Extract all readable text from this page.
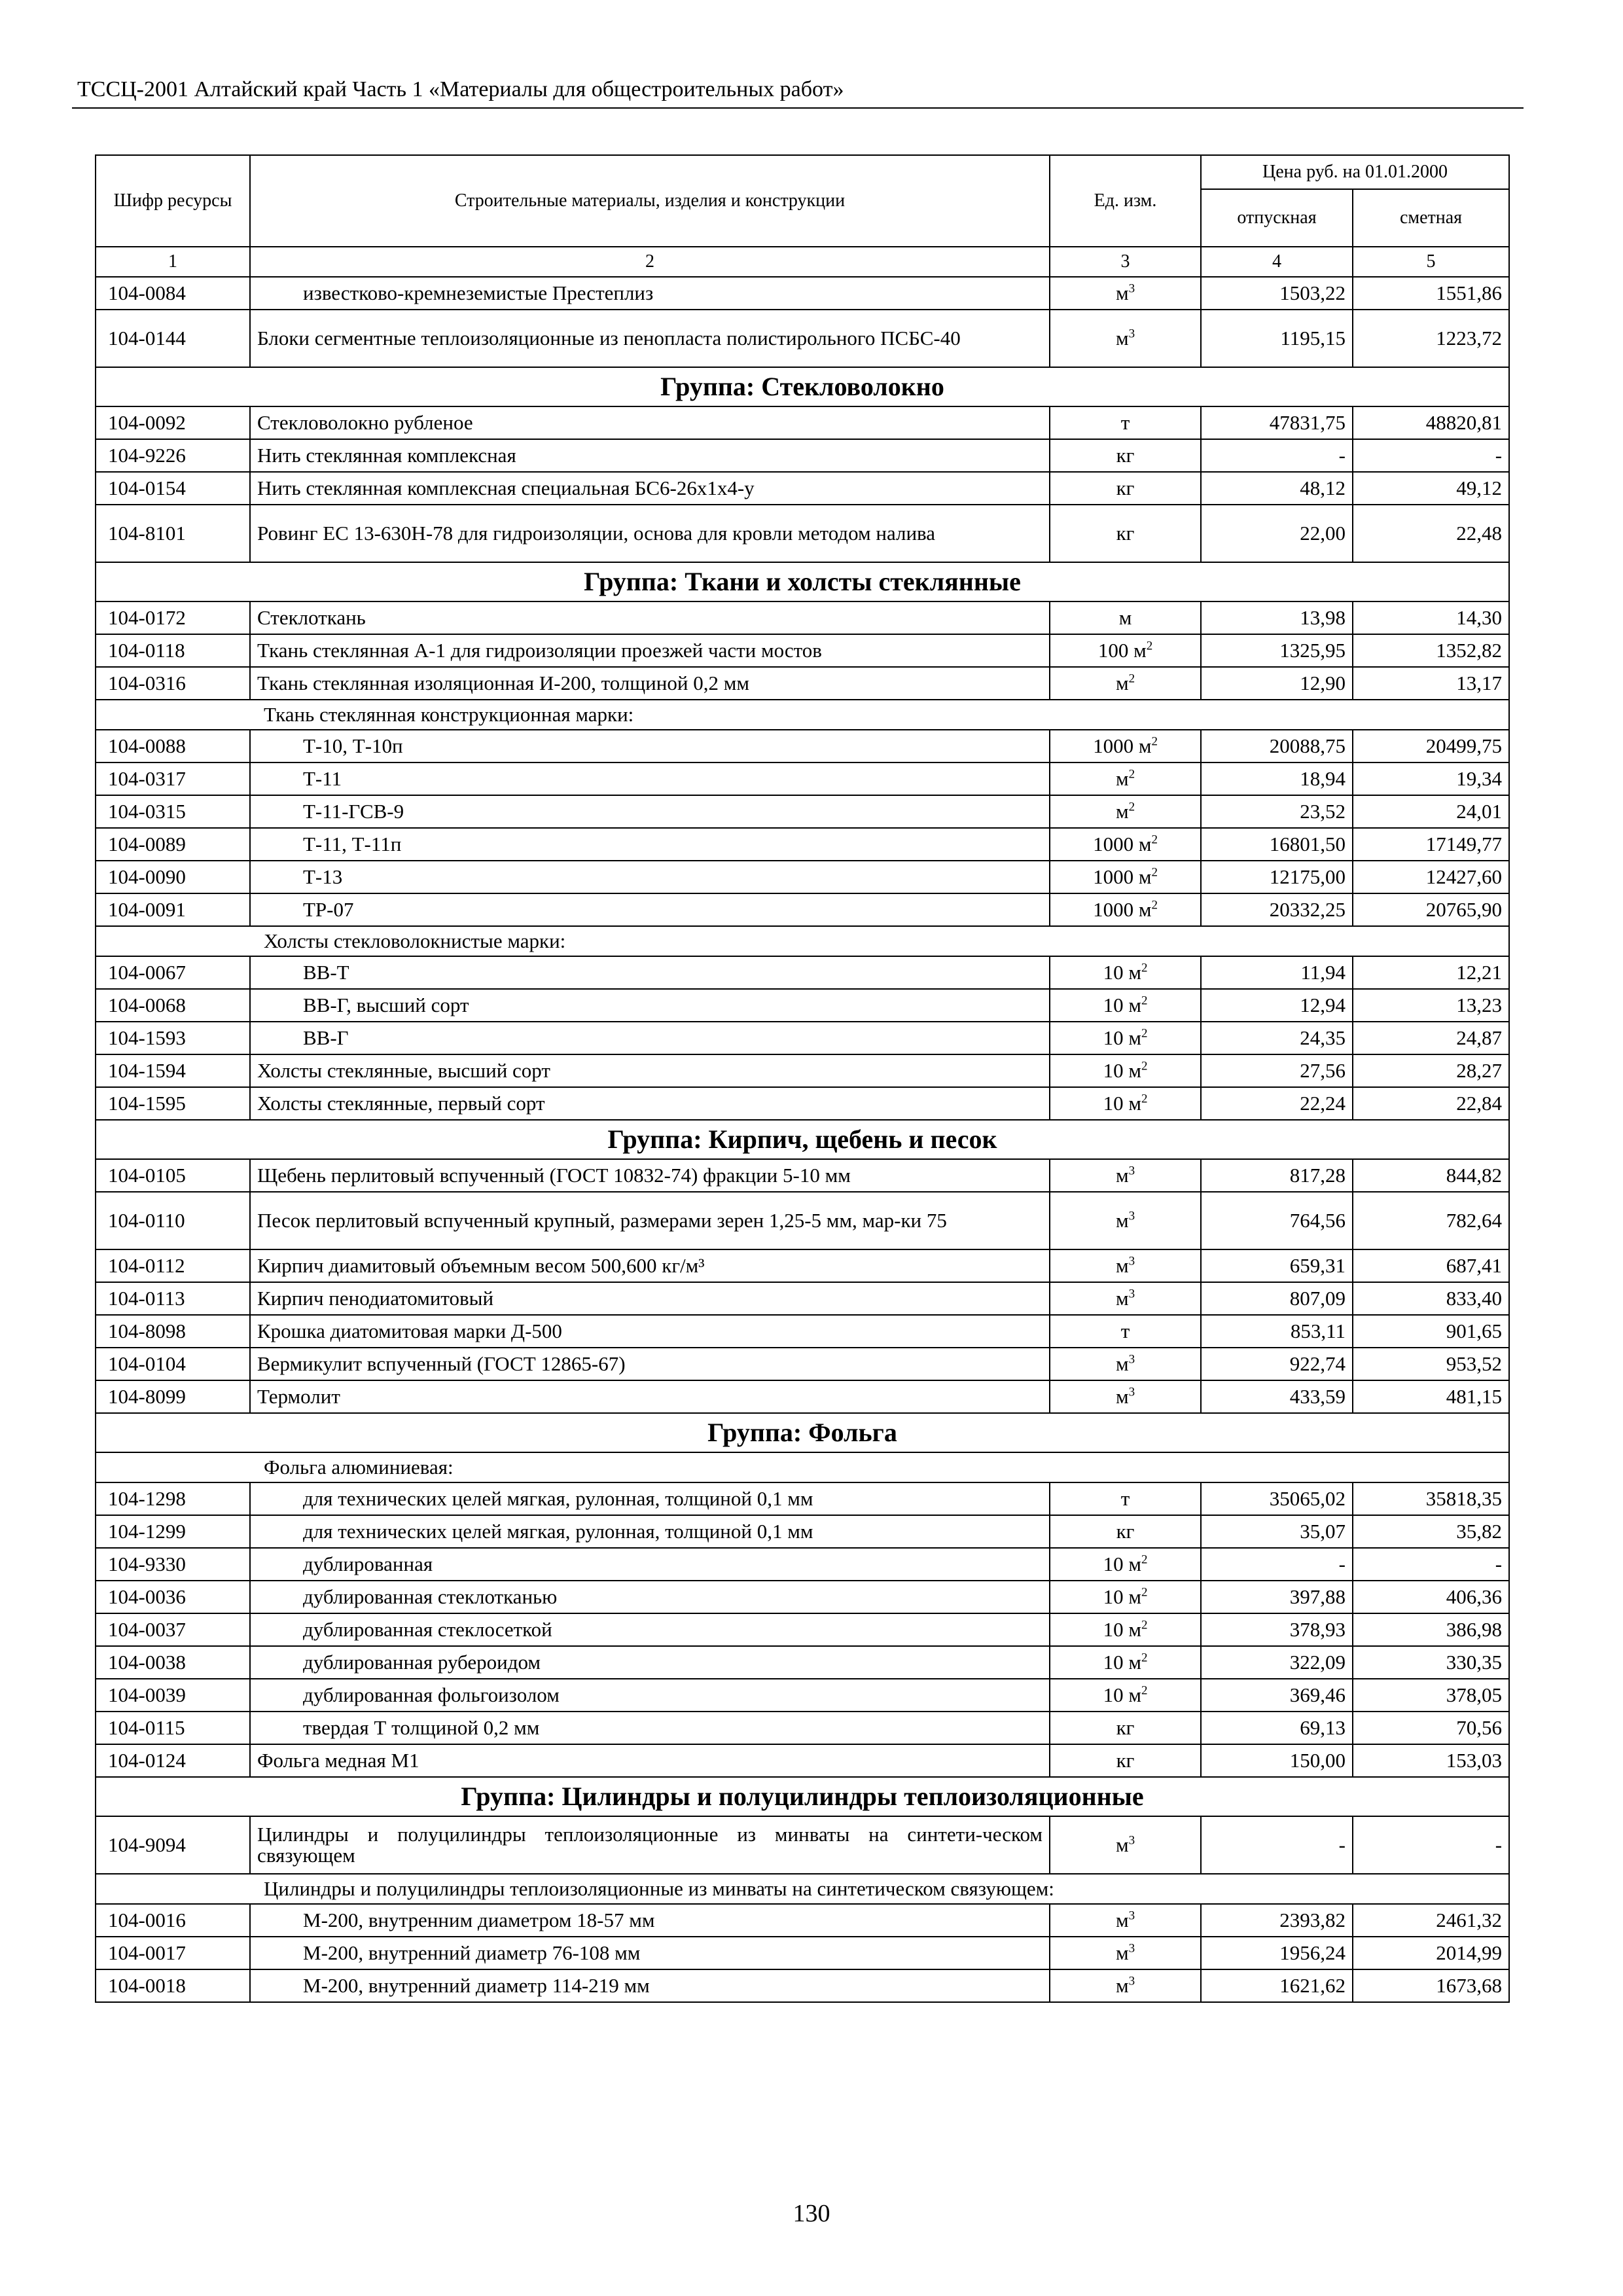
ТССЦ-2001 Алтайский край Часть 1 «Материалы для общестроительных работ»
Шифр ресурсы	Строительные материалы, изделия и конструкции	Ед. изм.	Цена руб. на 01.01.2000	
			отпускная	сметная
1	2	3	4	5
104-0084	известково-кремнеземистые Престеплиз	$м^3$	1503,22	1551,86
104-0144	Блоки сегментные теплоизоляционные из пенопласта полистирольного ПСБС-40	$м^3$	1195,15	1223,72
Группа: Стекловолокно				
104-0092	Стекловолокно рубленое	т	47831,75	48820,81
104-9226	Нить стеклянная комплексная	кг	-	-
104-0154	Нить стеклянная комплексная специальная БС6-26х1х4-у	кг	48,12	49,12
104-8101	Ровинг ЕС 13-630Н-78 для гидроизоляции, основа для кровли методом налива	кг	22,00	22,48
Группа: Ткани и холсты стеклянные				
104-0172	Стеклоткань	м	13,98	14,30
104-0118	Ткань стеклянная А-1 для гидроизоляции проезжей части мостов	100 $м^2$	1325,95	1352,82
104-0316	Ткань стеклянная изоляционная И-200, толщиной 0,2 мм	$м^2$	12,90	13,17
Ткань стеклянная конструкционная марки:				
104-0088	Т-10, Т-10п	1000 $м^2$	20088,75	20499,75
104-0317	Т-11	$м^2$	18,94	19,34
104-0315	Т-11-ГСВ-9	$м^2$	23,52	24,01
104-0089	Т-11, Т-11п	1000 $м^2$	16801,50	17149,77
104-0090	Т-13	1000 $м^2$	12175,00	12427,60
104-0091	ТР-07	1000 $м^2$	20332,25	20765,90
Холсты стекловолокнистые марки:				
104-0067	ВВ-Т	10 $м^2$	11,94	12,21
104-0068	ВВ-Г, высший сорт	10 $м^2$	12,94	13,23
104-1593	ВВ-Г	10 $м^2$	24,35	24,87
104-1594	Холсты стеклянные, высший сорт	10 $м^2$	27,56	28,27
104-1595	Холсты стеклянные, первый сорт	10 $м^2$	22,24	22,84
Группа: Кирпич, щебень и песок				
104-0105	Щебень перлитовый вспученный (ГОСТ 10832-74) фракции 5-10 мм	$м^3$	817,28	844,82
104-0110	Песок перлитовый вспученный крупный, размерами зерен 1,25-5 мм, мар-ки 75	$м^3$	764,56	782,64
104-0112	Кирпич диамитовый объемным весом 500,600 кг/м³	$м^3$	659,31	687,41
104-0113	Кирпич пенодиатомитовый	$м^3$	807,09	833,40
104-8098	Крошка диатомитовая марки Д-500	т	853,11	901,65
104-0104	Вермикулит вспученный (ГОСТ 12865-67)	$м^3$	922,74	953,52
104-8099	Термолит	$м^3$	433,59	481,15
Группа: Фольга				
Фольга алюминиевая:				
104-1298	для технических целей мягкая, рулонная, толщиной 0,1 мм	т	35065,02	35818,35
104-1299	для технических целей мягкая, рулонная, толщиной 0,1 мм	кг	35,07	35,82
104-9330	дублированная	10 $м^2$	-	-
104-0036	дублированная стеклотканью	10 $м^2$	397,88	406,36
104-0037	дублированная стеклосеткой	10 $м^2$	378,93	386,98
104-0038	дублированная рубероидом	10 $м^2$	322,09	330,35
104-0039	дублированная фольгоизолом	10 $м^2$	369,46	378,05
104-0115	твердая Т толщиной 0,2 мм	кг	69,13	70,56
104-0124	Фольга медная М1	кг	150,00	153,03
Группа: Цилиндры и полуцилиндры теплоизоляционные				
104-9094	Цилиндры и полуцилиндры теплоизоляционные из минваты на синтети-ческом связующем	$м^3$	-	-
Цилиндры и полуцилиндры теплоизоляционные из минваты на синтетическом связующем:				
104-0016	М-200, внутренним диаметром 18-57 мм	$м^3$	2393,82	2461,32
104-0017	М-200, внутренний диаметр 76-108 мм	$м^3$	1956,24	2014,99
104-0018	М-200, внутренний диаметр 114-219 мм	$м^3$	1621,62	1673,68
130
